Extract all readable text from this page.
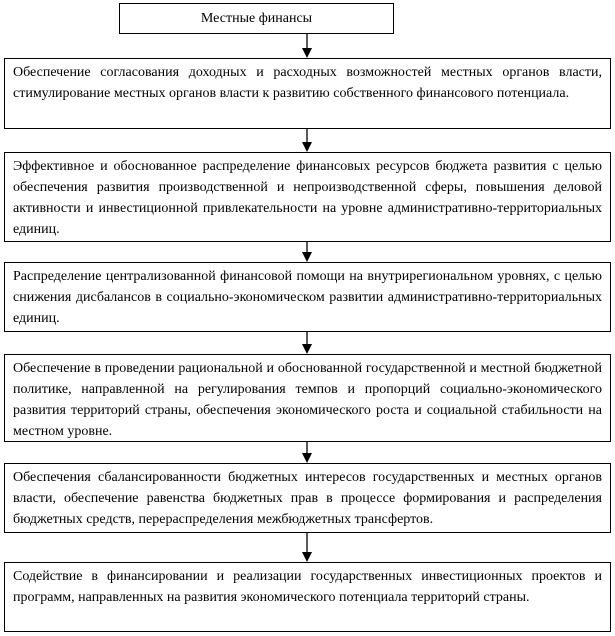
Местные финансы
Обеспечение согласования доходных и расходных возможностей местных органов власти, стимулирование местных органов власти к развитию собственного финансового потенциала.
Эффективное и обоснованное распределение финансовых ресурсов бюджета развития с целью обеспечения развития производственной и непроизводственной сферы, повышения деловой активности и инвестиционной привлекательности на уровне административно-территориальных единиц.
Распределение централизованной финансовой помощи на внутрирегиональном уровнях, с целью снижения дисбалансов в социально-экономическом развитии административно-территориальных единиц.
Обеспечение в проведении рациональной и обоснованной государственной и местной бюджетной политике, направленной на регулирования темпов и пропорций социально-экономического развития территорий страны, обеспечения экономического роста и социальной стабильности на местном уровне.
Обеспечения сбалансированности бюджетных интересов государственных и местных органов власти, обеспечение равенства бюджетных прав в процессе формирования и распределения бюджетных средств, перераспределения межбюджетных трансфертов.
Содействие в финансировании и реализации государственных инвестиционных проектов и программ, направленных на развития экономического потенциала территорий страны.
